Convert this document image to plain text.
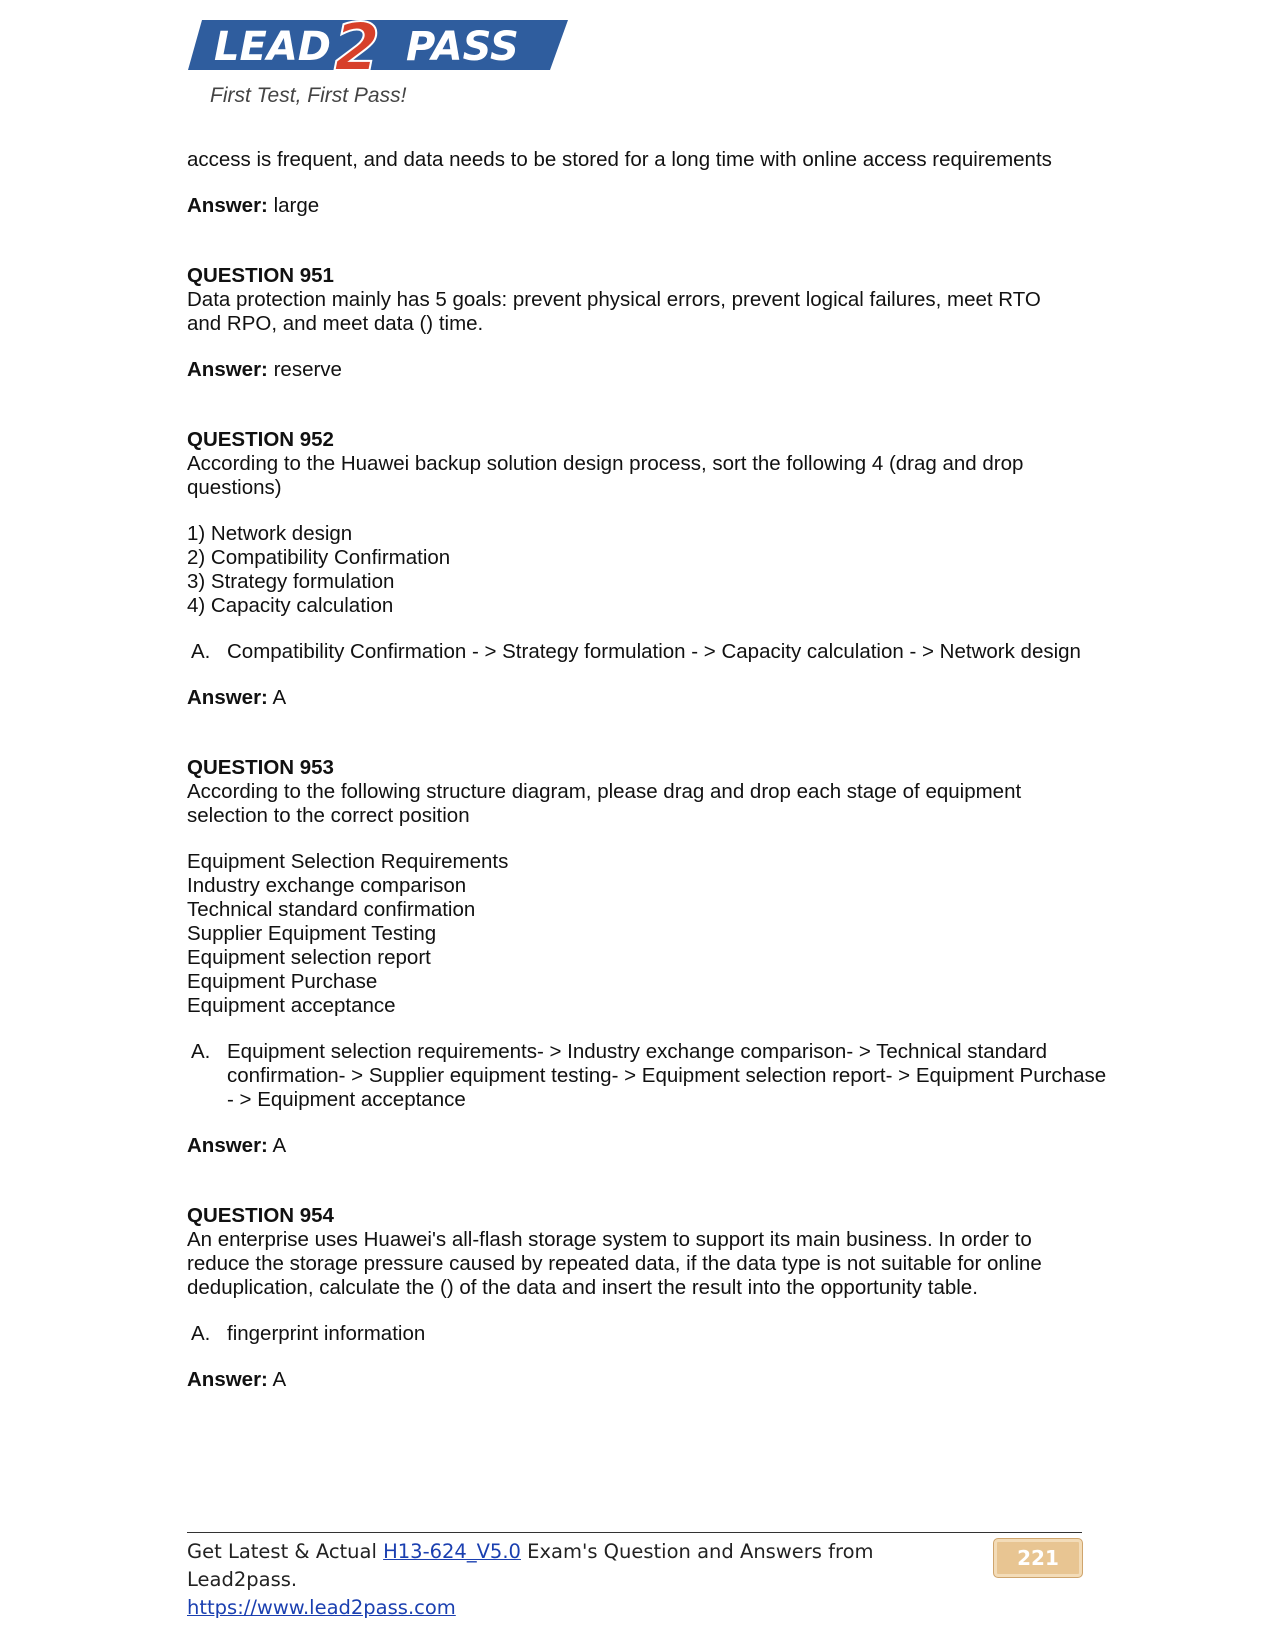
LEAD 2 PASS
First Test, First Pass!

access is frequent, and data needs to be stored for a long time with online access requirements

Answer: large

QUESTION 951

Data protection mainly has 5 goals: prevent physical errors, prevent logical failures, meet RTO

and RPO, and meet data () time.

Answer: reserve

QUESTION 952

According to the Huawei backup solution design process, sort the following 4 (drag and drop

questions)

1) Network design
2) Compatibility Confirmation
3) Strategy formulation
4) Capacity calculation
A. Compatibility Confirmation - > Strategy formulation - > Capacity calculation - > Network design

Answer: A

QUESTION 953

According to the following structure diagram, please drag and drop each stage of equipment

selection to the correct position

Equipment Selection Requirements
Industry exchange comparison
Technical standard confirmation
Supplier Equipment Testing
Equipment selection report
Equipment Purchase
Equipment acceptance
A. Equipment selection requirements- > Industry exchange comparison- > Technical standard
confirmation- > Supplier equipment testing- > Equipment selection report- > Equipment Purchase
- > Equipment acceptance

Answer: A

QUESTION 954

An enterprise uses Huawei's all-flash storage system to support its main business. In order to

reduce the storage pressure caused by repeated data, if the data type is not suitable for online

deduplication, calculate the () of the data and insert the result into the opportunity table.

A. fingerprint information

Answer: A

Get Latest & Actual H13-624_V5.0 Exam's Question and Answers from Lead2pass.
https://www.lead2pass.com
221
